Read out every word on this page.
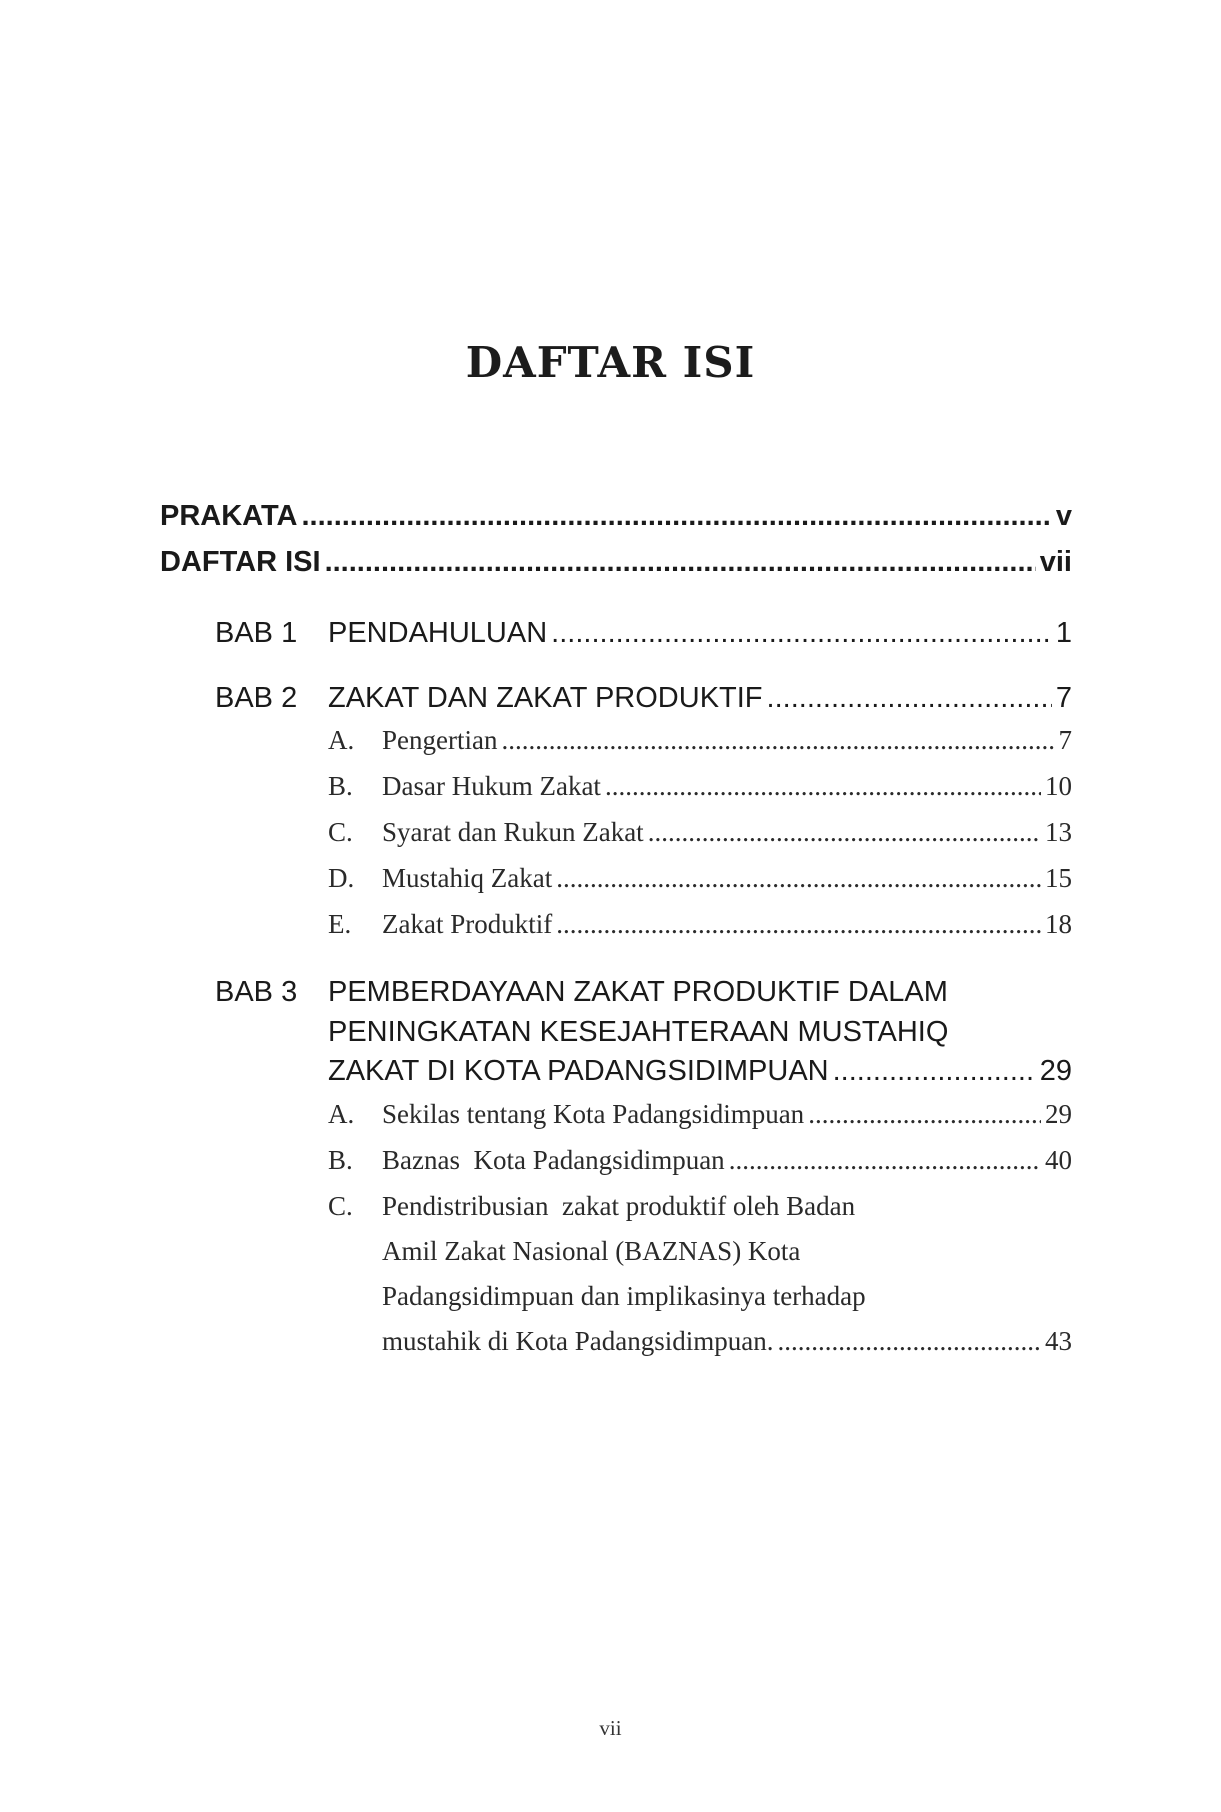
DAFTAR ISI
PRAKATA .....	v
DAFTAR ISI .....	vii
BAB 1 PENDAHULUAN .....	1
BAB 2 ZAKAT DAN ZAKAT PRODUKTIF .....	7
A. Pengertian .....	7
B. Dasar Hukum Zakat .....	10
C. Syarat dan Rukun Zakat .....	13
D. Mustahiq Zakat .....	15
E. Zakat Produktif .....	18
BAB 3 PEMBERDAYAAN ZAKAT PRODUKTIF DALAM
PENINGKATAN KESEJAHTERAAN MUSTAHIQ
ZAKAT DI KOTA PADANGSIDIMPUAN .....	29
A. Sekilas tentang Kota Padangsidimpuan .....	29
B. Baznas  Kota Padangsidimpuan .....	40
C. Pendistribusian  zakat produktif oleh Badan
Amil Zakat Nasional (BAZNAS) Kota
Padangsidimpuan dan implikasinya terhadap
mustahik di Kota Padangsidimpuan. .....	43
vii
